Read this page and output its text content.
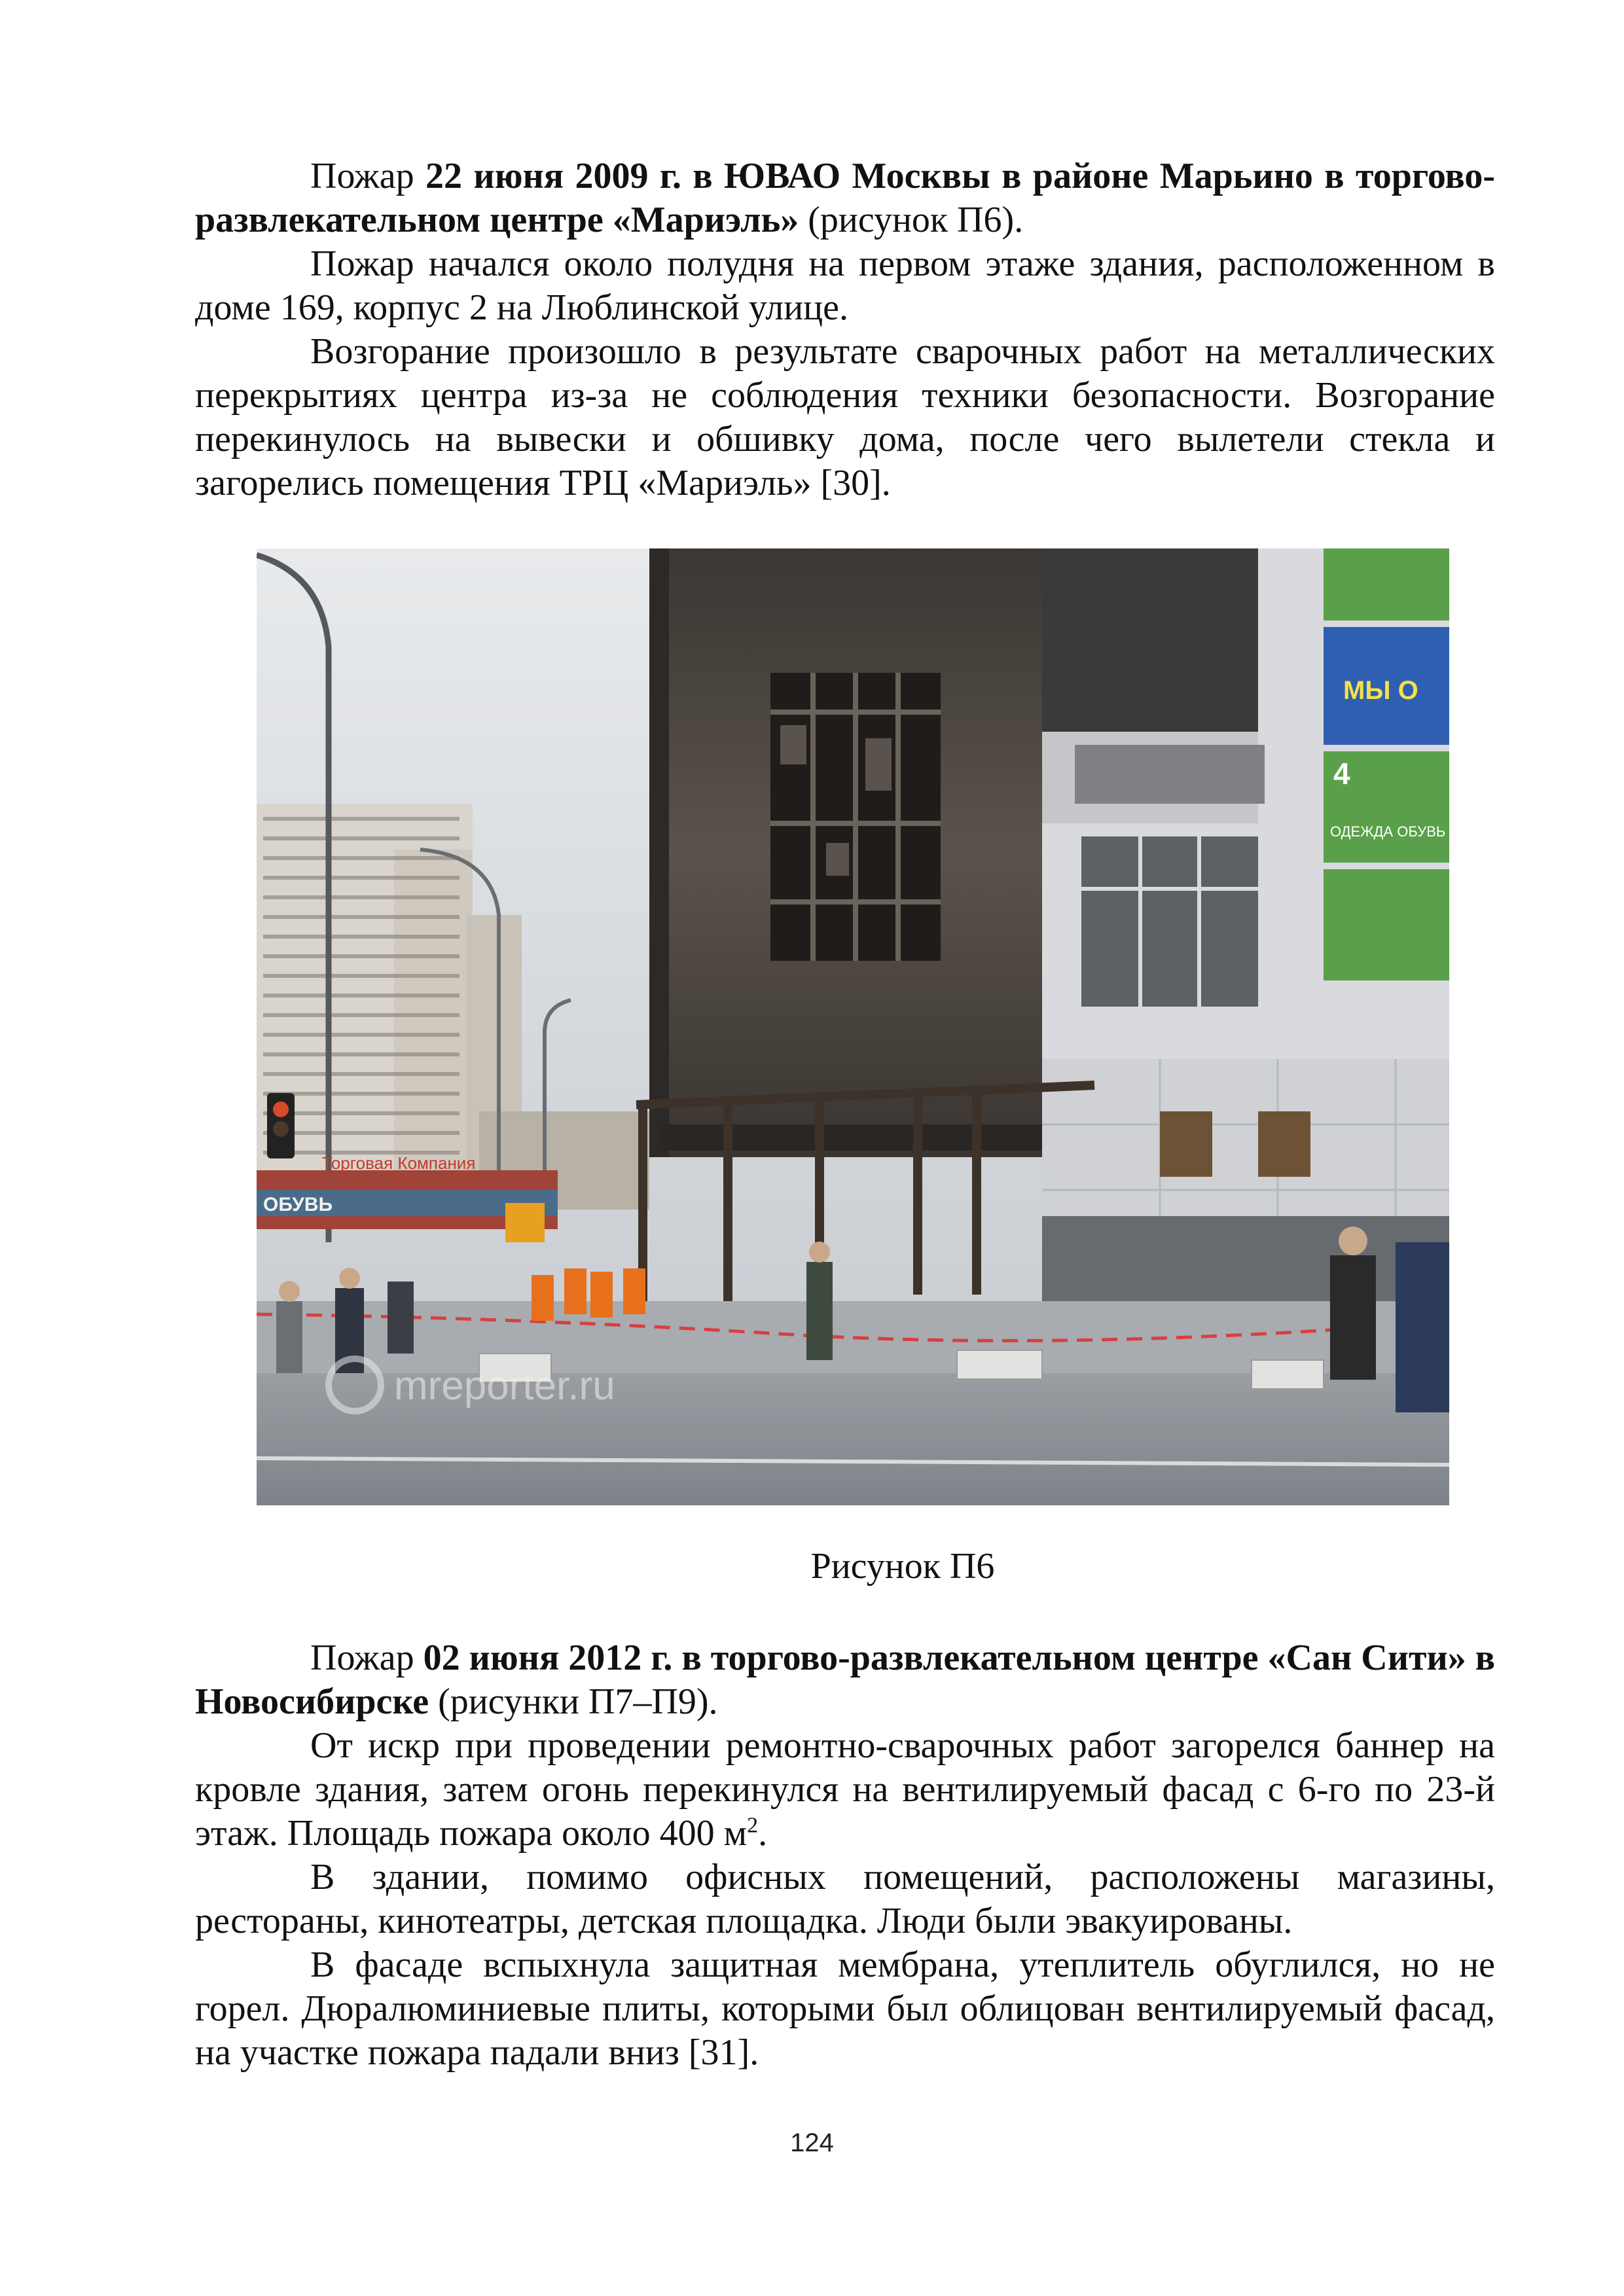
Пожар 22 июня 2009 г. в ЮВАО Москвы в районе Марьино в торгово-развлекательном центре «Мариэль» (рисунок П6).

Пожар начался около полудня на первом этаже здания, расположенном в доме 169, корпус 2 на Люблинской улице.

Возгорание произошло в результате сварочных работ на металлических перекрытиях центра из-за не соблюдения техники безопасности. Возгорание перекинулось на вывески и обшивку дома, после чего вылетели стекла и загорелись помещения ТРЦ «Мариэль» [30].

ОБУВЬ
Торговая Компания
МЫ О
4
ОДЕЖДА ОБУВЬ
mreporter.ru
Рисунок П6

Пожар 02 июня 2012 г. в торгово-развлекательном центре «Сан Сити» в Новосибирске (рисунки П7–П9).

От искр при проведении ремонтно-сварочных работ загорелся баннер на кровле здания, затем огонь перекинулся на вентилируемый фасад с 6-го по 23-й этаж. Площадь пожара около 400 $м^2$.

В здании, помимо офисных помещений, расположены магазины, рестораны, кинотеатры, детская площадка. Люди были эвакуированы.

В фасаде вспыхнула защитная мембрана, утеплитель обуглился, но не горел. Дюралюминиевые плиты, которыми был облицован вентилируемый фасад, на участке пожара падали вниз [31].

124
